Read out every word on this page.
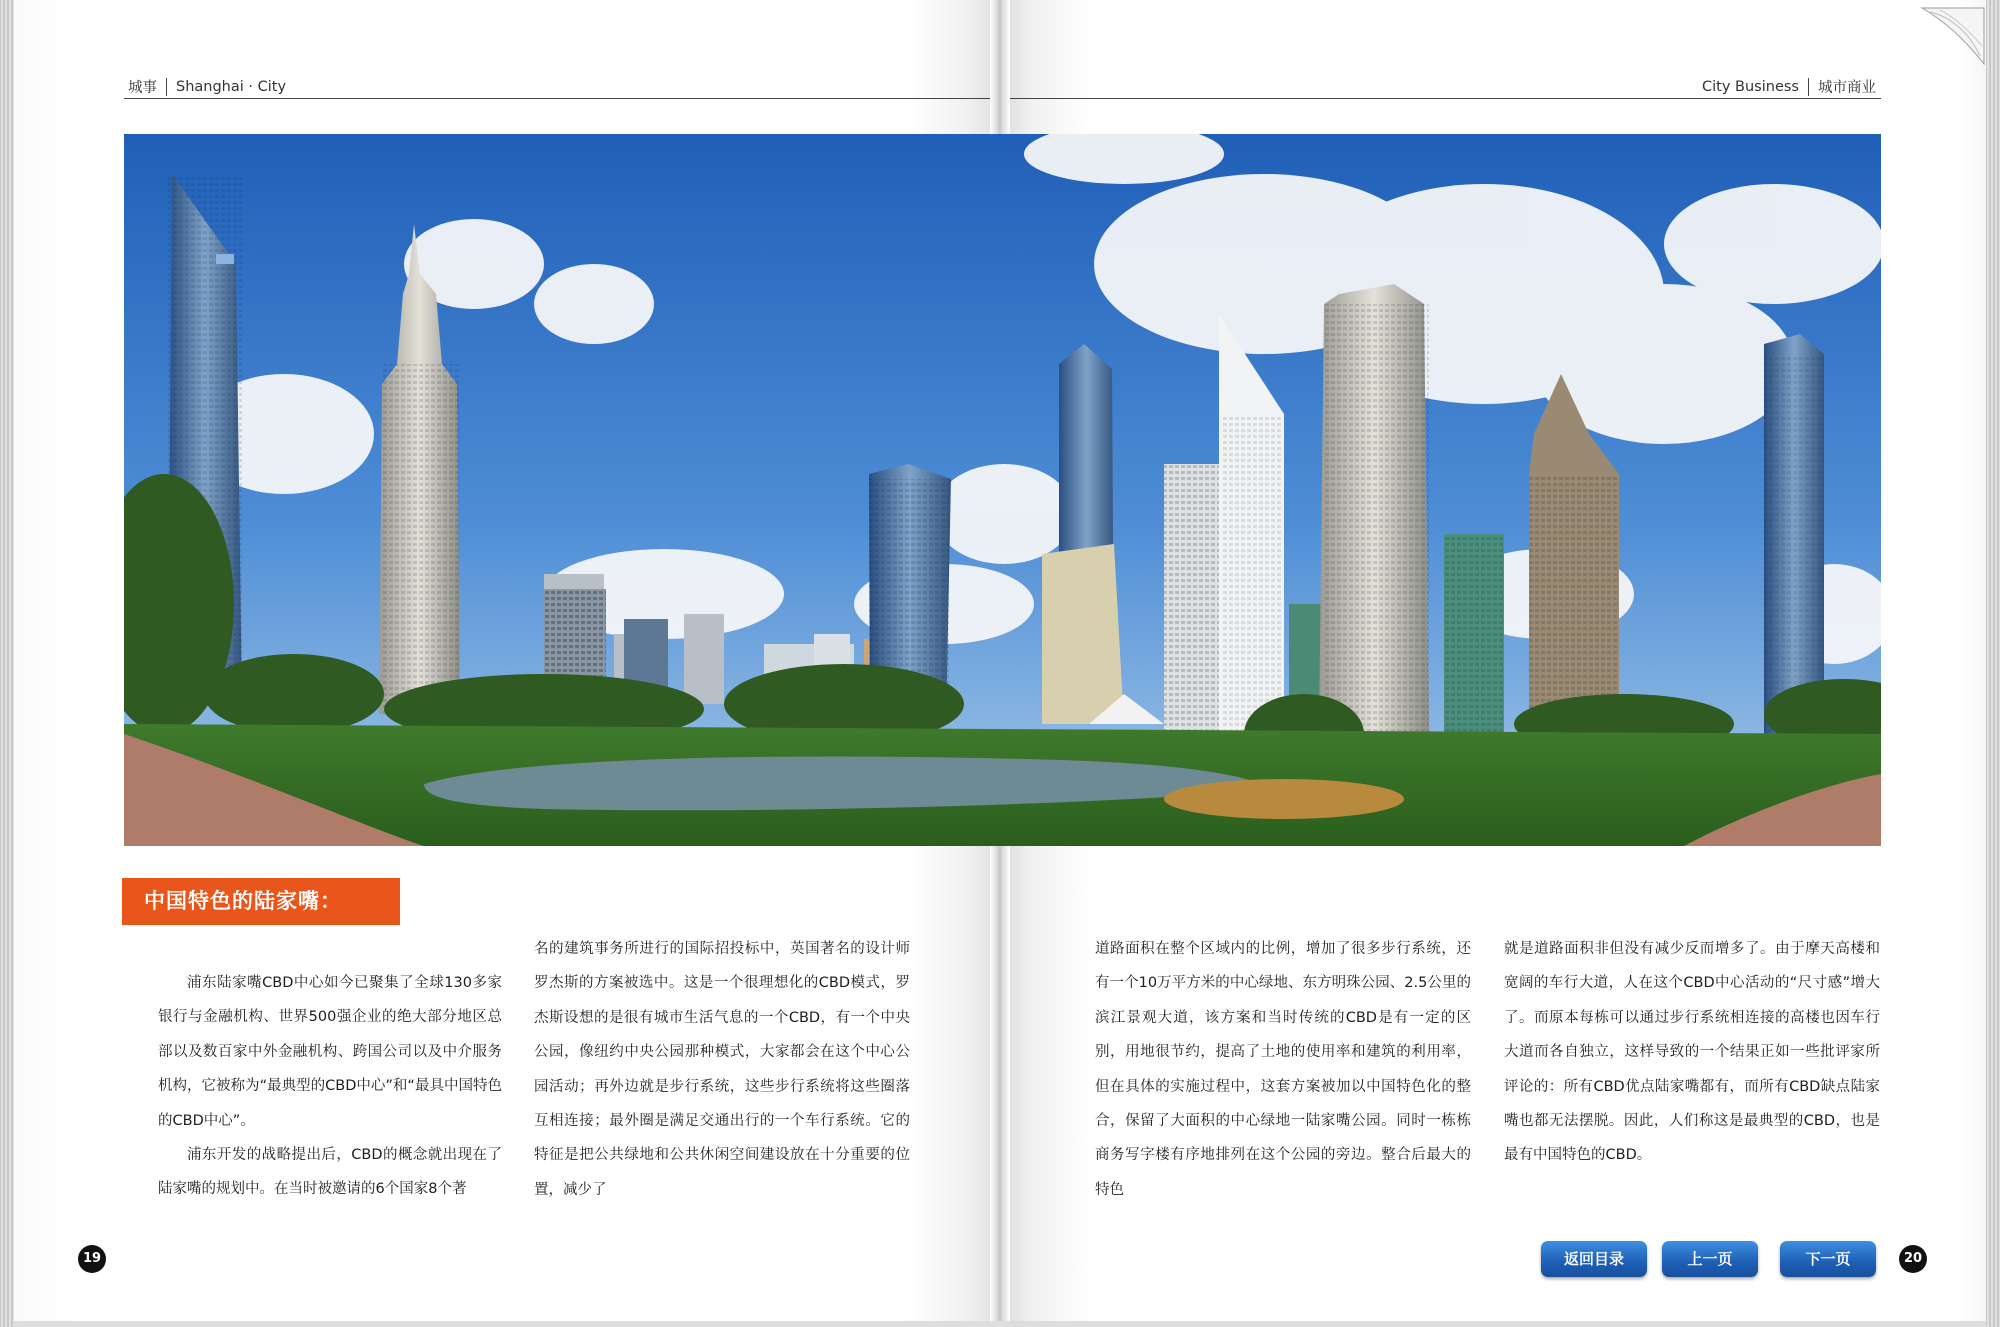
城事 Shanghai · City	City Business 城市商业
中国特色的陆家嘴：

浦东陆家嘴CBD中心如今已聚集了全球130多家银行与金融机构、世界500强企业的绝大部分地区总部以及数百家中外金融机构、跨国公司以及中介服务机构，它被称为“最典型的CBD中心”和“最具中国特色的CBD中心”。

浦东开发的战略提出后，CBD的概念就出现在了陆家嘴的规划中。在当时被邀请的6个国家8个著

名的建筑事务所进行的国际招投标中，英国著名的设计师罗杰斯的方案被选中。这是一个很理想化的CBD模式，罗杰斯设想的是很有城市生活气息的一个CBD，有一个中央公园，像纽约中央公园那种模式，大家都会在这个中心公园活动；再外边就是步行系统，这些步行系统将这些圈落互相连接；最外圈是满足交通出行的一个车行系统。它的特征是把公共绿地和公共休闲空间建设放在十分重要的位置，减少了

道路面积在整个区域内的比例，增加了很多步行系统，还有一个10万平方米的中心绿地、东方明珠公园、2.5公里的滨江景观大道，该方案和当时传统的CBD是有一定的区别，用地很节约，提高了土地的使用率和建筑的利用率，但在具体的实施过程中，这套方案被加以中国特色化的整合，保留了大面积的中心绿地一陆家嘴公园。同时一栋栋商务写字楼有序地排列在这个公园的旁边。整合后最大的特色

就是道路面积非但没有减少反而增多了。由于摩天高楼和宽阔的车行大道，人在这个CBD中心活动的“尺寸感”增大了。而原本每栋可以通过步行系统相连接的高楼也因车行大道而各自独立，这样导致的一个结果正如一些批评家所评论的：所有CBD优点陆家嘴都有，而所有CBD缺点陆家嘴也都无法摆脱。因此，人们称这是最典型的CBD，也是最有中国特色的CBD。

19	20
返回目录	上一页	下一页
